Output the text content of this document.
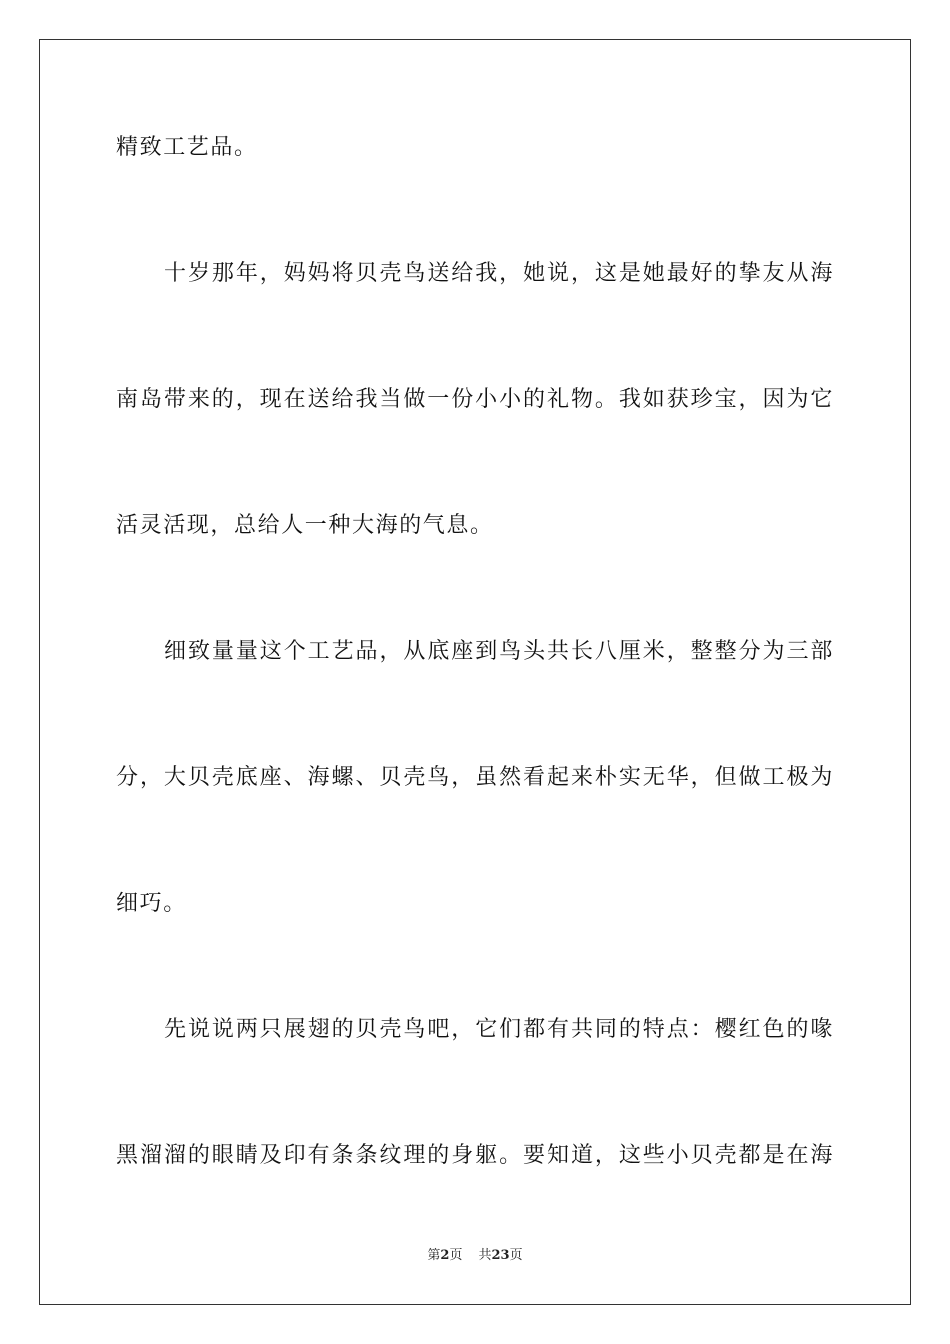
精致工艺品。
十岁那年，妈妈将贝壳鸟送给我，她说，这是她最好的挚友从海
南岛带来的，现在送给我当做一份小小的礼物。我如获珍宝，因为它
活灵活现，总给人一种大海的气息。
细致量量这个工艺品，从底座到鸟头共长八厘米，整整分为三部
分，大贝壳底座、海螺、贝壳鸟，虽然看起来朴实无华，但做工极为
细巧。
先说说两只展翅的贝壳鸟吧，它们都有共同的特点：樱红色的喙
黑溜溜的眼睛及印有条条纹理的身躯。要知道，这些小贝壳都是在海
第2页 共23页
